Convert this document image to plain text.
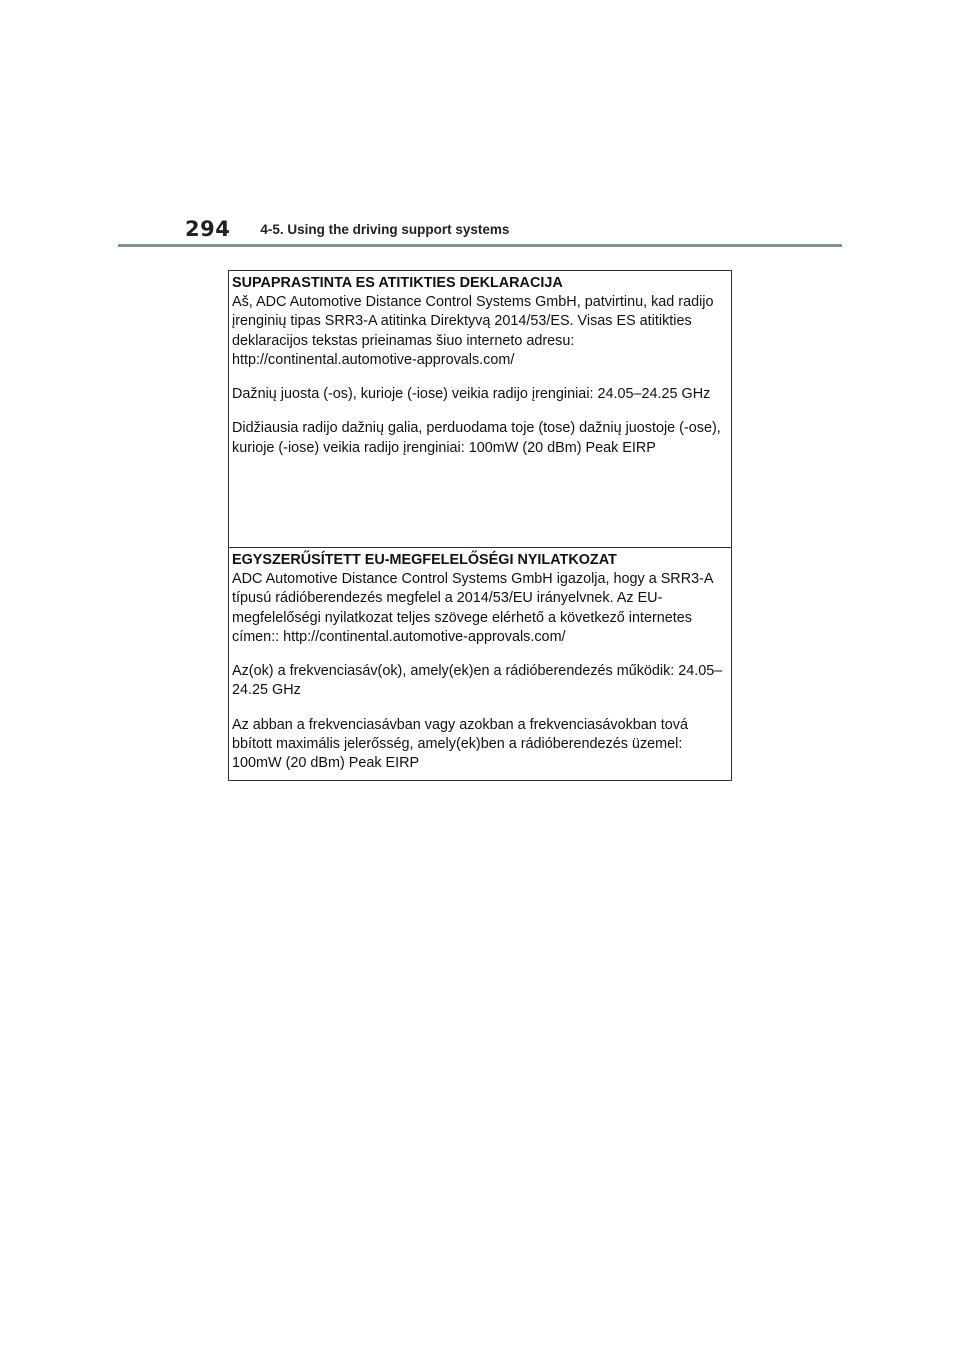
294 4-5. Using the driving support systems
SUPAPRASTINTA ES ATITIKTIES DEKLARACIJA

Aš, ADC Automotive Distance Control Systems GmbH, patvirtinu, kad radijo įrenginių tipas SRR3-A atitinka Direktyvą 2014/53/ES. Visas ES atitikties deklaracijos tekstas prieinamas šiuo interneto adresu: http://continental.automotive-approvals.com/

Dažnių juosta (-os), kurioje (-iose) veikia radijo įrenginiai: 24.05–24.25 GHz

Didžiausia radijo dažnių galia, perduodama toje (tose) dažnių juostoje (-ose), kurioje (-iose) veikia radijo įrenginiai: 100mW (20 dBm) Peak EIRP

EGYSZERŰSÍTETT EU-MEGFELELŐSÉGI NYILATKOZAT

ADC Automotive Distance Control Systems GmbH igazolja, hogy a SRR3-A típusú rádióberendezés megfelel a 2014/53/EU irányelvnek. Az EU-megfelelőségi nyilatkozat teljes szövege elérhető a következő internetes címen:: http://continental.automotive-approvals.com/

Az(ok) a frekvenciasáv(ok), amely(ek)en a rádióberendezés működik: 24.05–24.25 GHz

Az abban a frekvenciasávban vagy azokban a frekvenciasávokban tová bbított maximális jelerősség, amely(ek)ben a rádióberendezés üzemel: 100mW (20 dBm) Peak EIRP
